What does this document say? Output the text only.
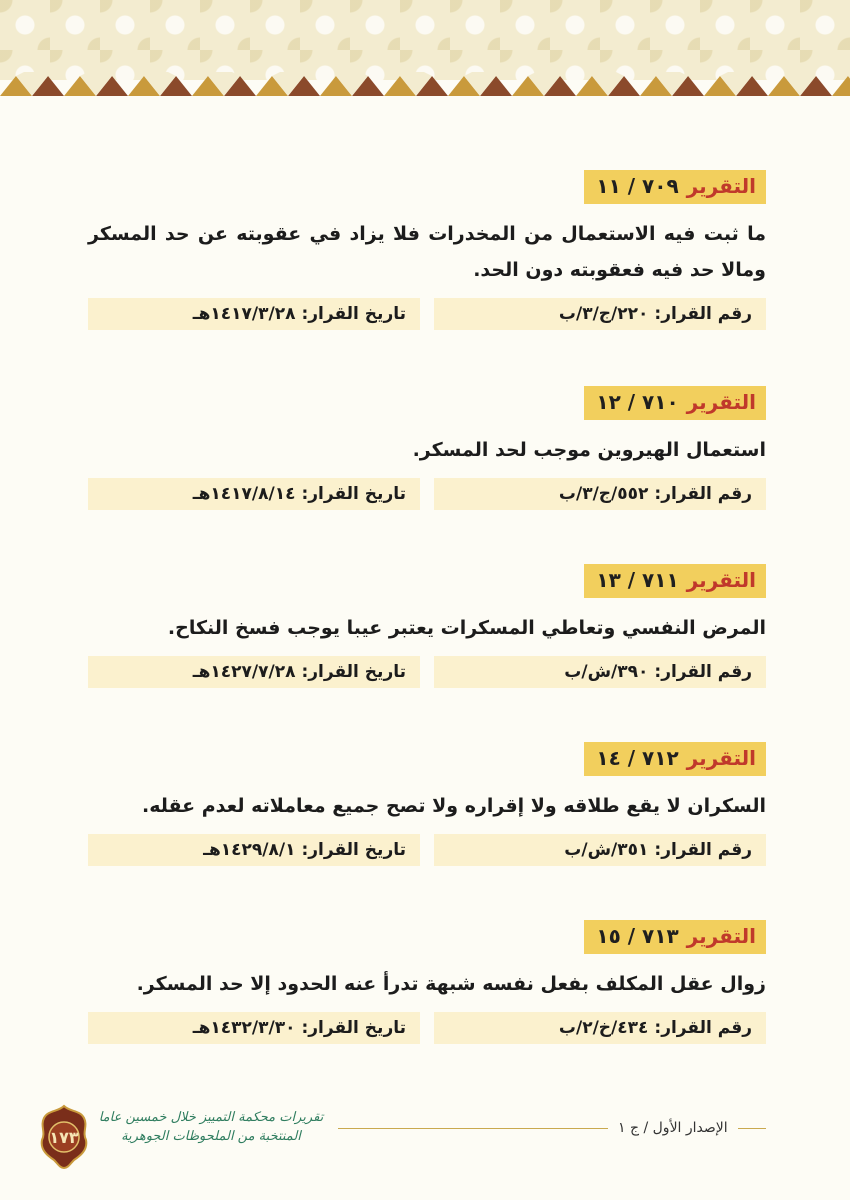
التقرير٧٠٩ / ١١
ما ثبت فيه الاستعمال من المخدرات فلا يزاد في عقوبته عن حد المسكر ومالا حد فيه فعقوبته دون الحد.
رقم القرار:٢٢٠/ج/٣/ب
تاريخ القرار:١٤١٧/٣/٢٨هـ
التقرير٧١٠ / ١٢
استعمال الهيروين موجب لحد المسكر.
رقم القرار:٥٥٢/ج/٣/ب
تاريخ القرار:١٤١٧/٨/١٤هـ
التقرير٧١١ / ١٣
المرض النفسي وتعاطي المسكرات يعتبر عيبا يوجب فسخ النكاح.
رقم القرار:٣٩٠/ش/ب
تاريخ القرار:١٤٢٧/٧/٢٨هـ
التقرير٧١٢ / ١٤
السكران لا يقع طلاقه ولا إقراره ولا تصح جميع معاملاته لعدم عقله.
رقم القرار:٣٥١/ش/ب
تاريخ القرار:١٤٢٩/٨/١هـ
التقرير٧١٣ / ١٥
زوال عقل المكلف بفعل نفسه شبهة تدرأ عنه الحدود إلا حد المسكر.
رقم القرار:٤٣٤/خ/٢/ب
تاريخ القرار:١٤٣٢/٣/٣٠هـ
الإصدار الأول / ج ١
١٧٣
تقريرات محكمة التمييز خلال خمسين عاما
المنتخبة من الملحوظات الجوهرية
